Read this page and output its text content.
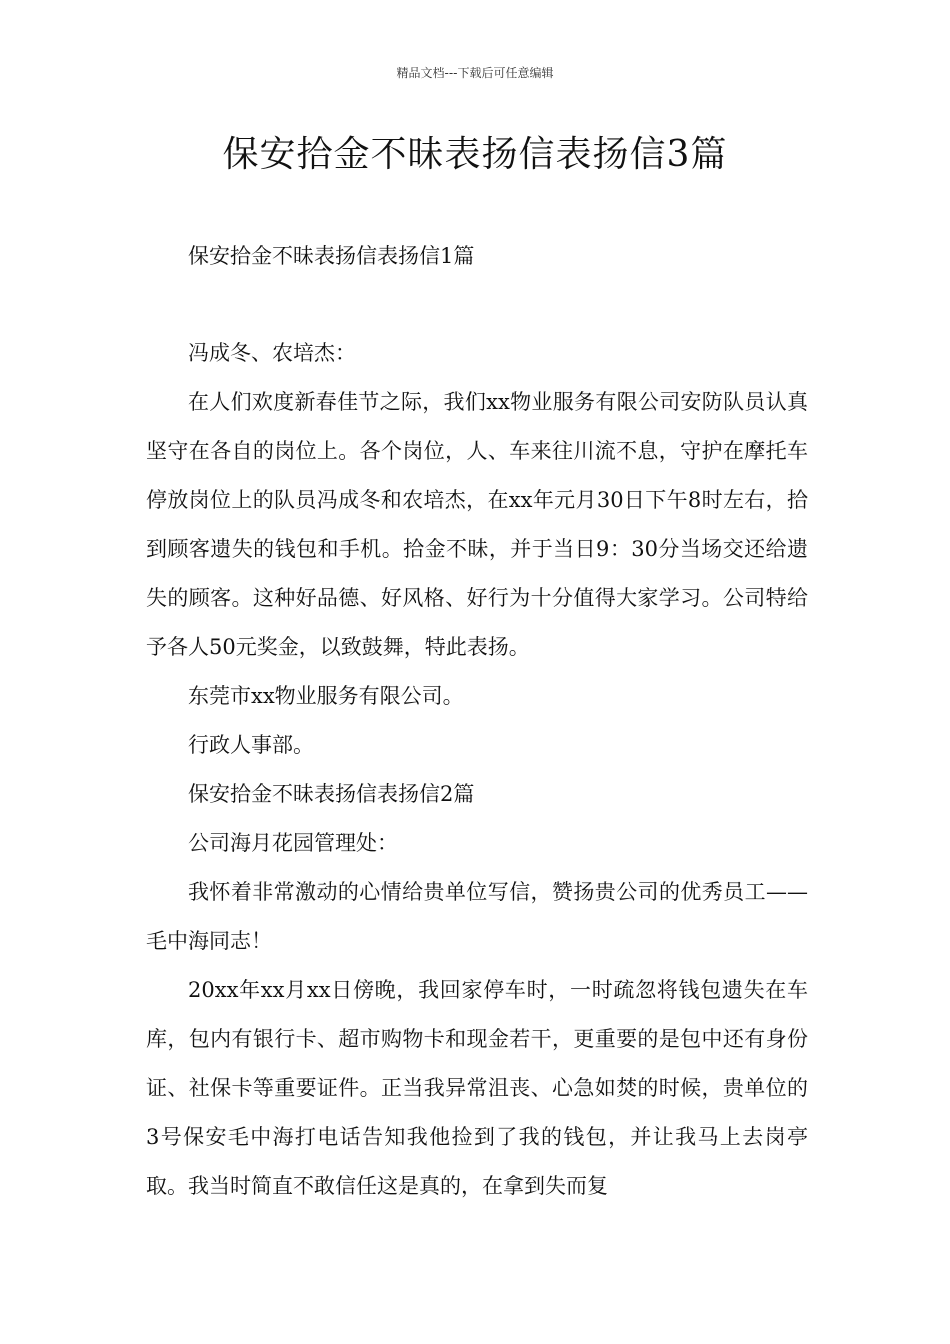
精品文档---下载后可任意编辑
保安拾金不昧表扬信表扬信3篇

保安拾金不昧表扬信表扬信1篇

冯成冬、农培杰：

在人们欢度新春佳节之际，我们xx物业服务有限公司安防队员认真坚守在各自的岗位上。各个岗位，人、车来往川流不息，守护在摩托车停放岗位上的队员冯成冬和农培杰，在xx年元月30日下午8时左右，拾到顾客遗失的钱包和手机。拾金不昧，并于当日9：30分当场交还给遗失的顾客。这种好品德、好风格、好行为十分值得大家学习。公司特给予各人50元奖金，以致鼓舞，特此表扬。

东莞市xx物业服务有限公司。

行政人事部。

保安拾金不昧表扬信表扬信2篇

公司海月花园管理处：

我怀着非常激动的心情给贵单位写信，赞扬贵公司的优秀员工——毛中海同志！

20xx年xx月xx日傍晚，我回家停车时，一时疏忽将钱包遗失在车库，包内有银行卡、超市购物卡和现金若干，更重要的是包中还有身份证、社保卡等重要证件。正当我异常沮丧、心急如焚的时候，贵单位的3号保安毛中海打电话告知我他捡到了我的钱包，并让我马上去岗亭取。我当时简直不敢信任这是真的，在拿到失而复
